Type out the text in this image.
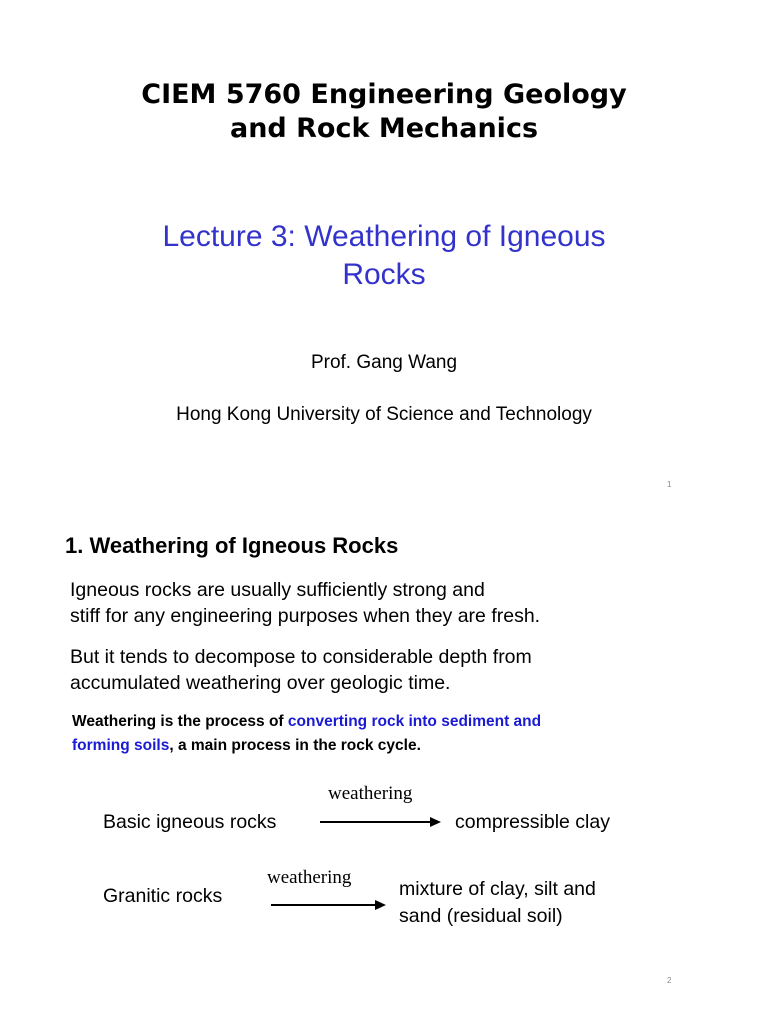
CIEM 5760 Engineering Geology
and Rock Mechanics
Lecture 3: Weathering of Igneous
Rocks
Prof. Gang Wang
Hong Kong University of Science and Technology
1
1. Weathering of Igneous Rocks
Igneous rocks are usually sufficiently strong and
stiff for any engineering purposes when they are fresh.
But it tends to decompose to considerable depth from
accumulated weathering over geologic time.
Weathering is the process of converting rock into sediment and
forming soils, a main process in the rock cycle.
weathering
Basic igneous rocks	compressible clay
weathering
Granitic rocks	mixture of clay, silt and
sand (residual soil)
2
